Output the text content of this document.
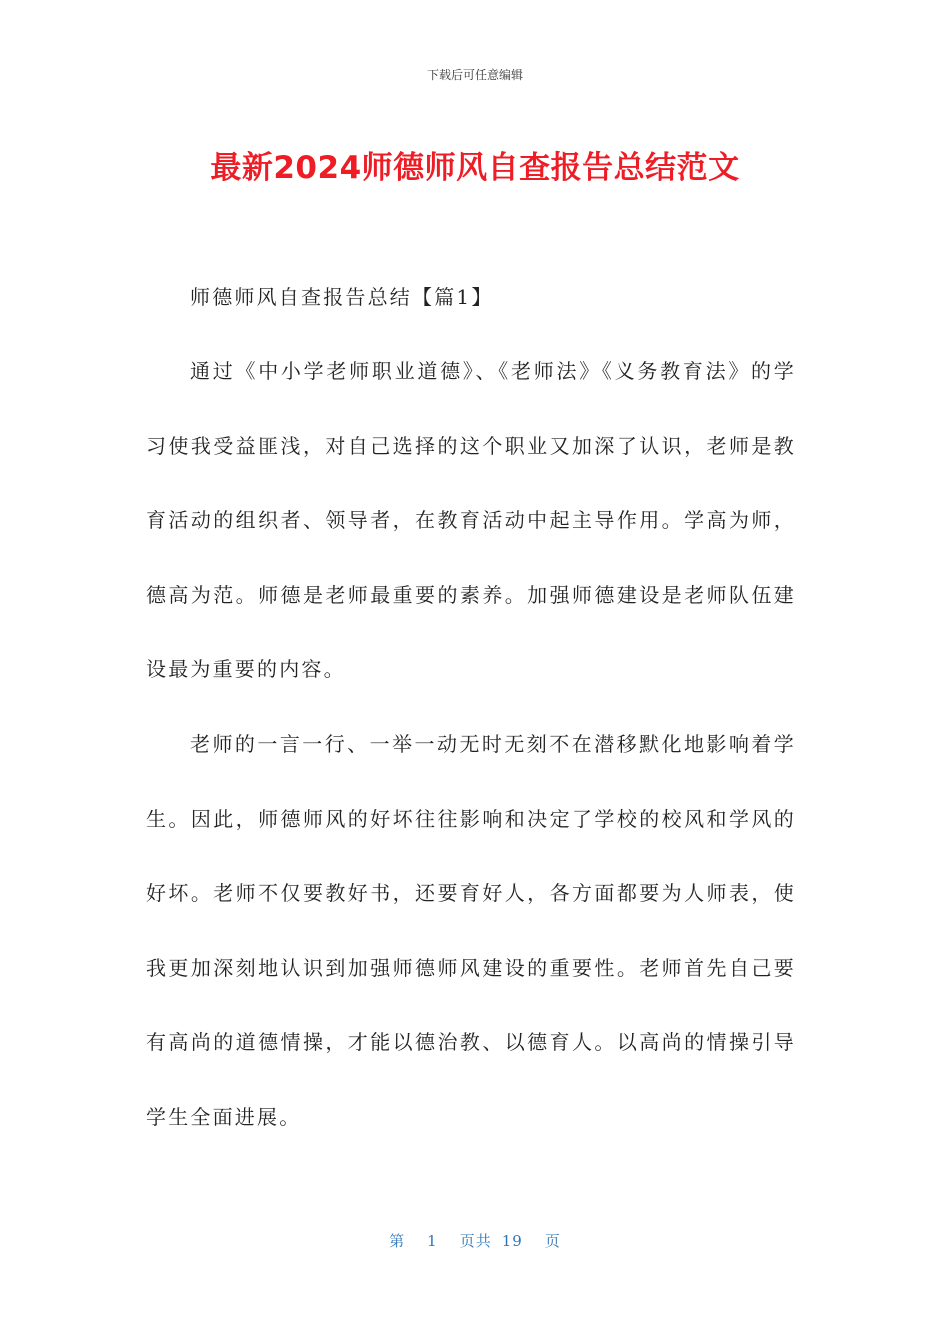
下载后可任意编辑
最新2024师德师风自查报告总结范文
师德师风自查报告总结【篇1】
通过《中小学老师职业道德》、《老师法》《义务教育法》的学习使我受益匪浅，对自己选择的这个职业又加深了认识，老师是教育活动的组织者、领导者，在教育活动中起主导作用。学高为师，德高为范。师德是老师最重要的素养。加强师德建设是老师队伍建设最为重要的内容。
老师的一言一行、一举一动无时无刻不在潜移默化地影响着学生。因此，师德师风的好坏往往影响和决定了学校的校风和学风的好坏。老师不仅要教好书，还要育好人，各方面都要为人师表，使我更加深刻地认识到加强师德师风建设的重要性。老师首先自己要有高尚的道德情操，才能以德治教、以德育人。以高尚的情操引导学生全面进展。
第 1 页共 19 页
